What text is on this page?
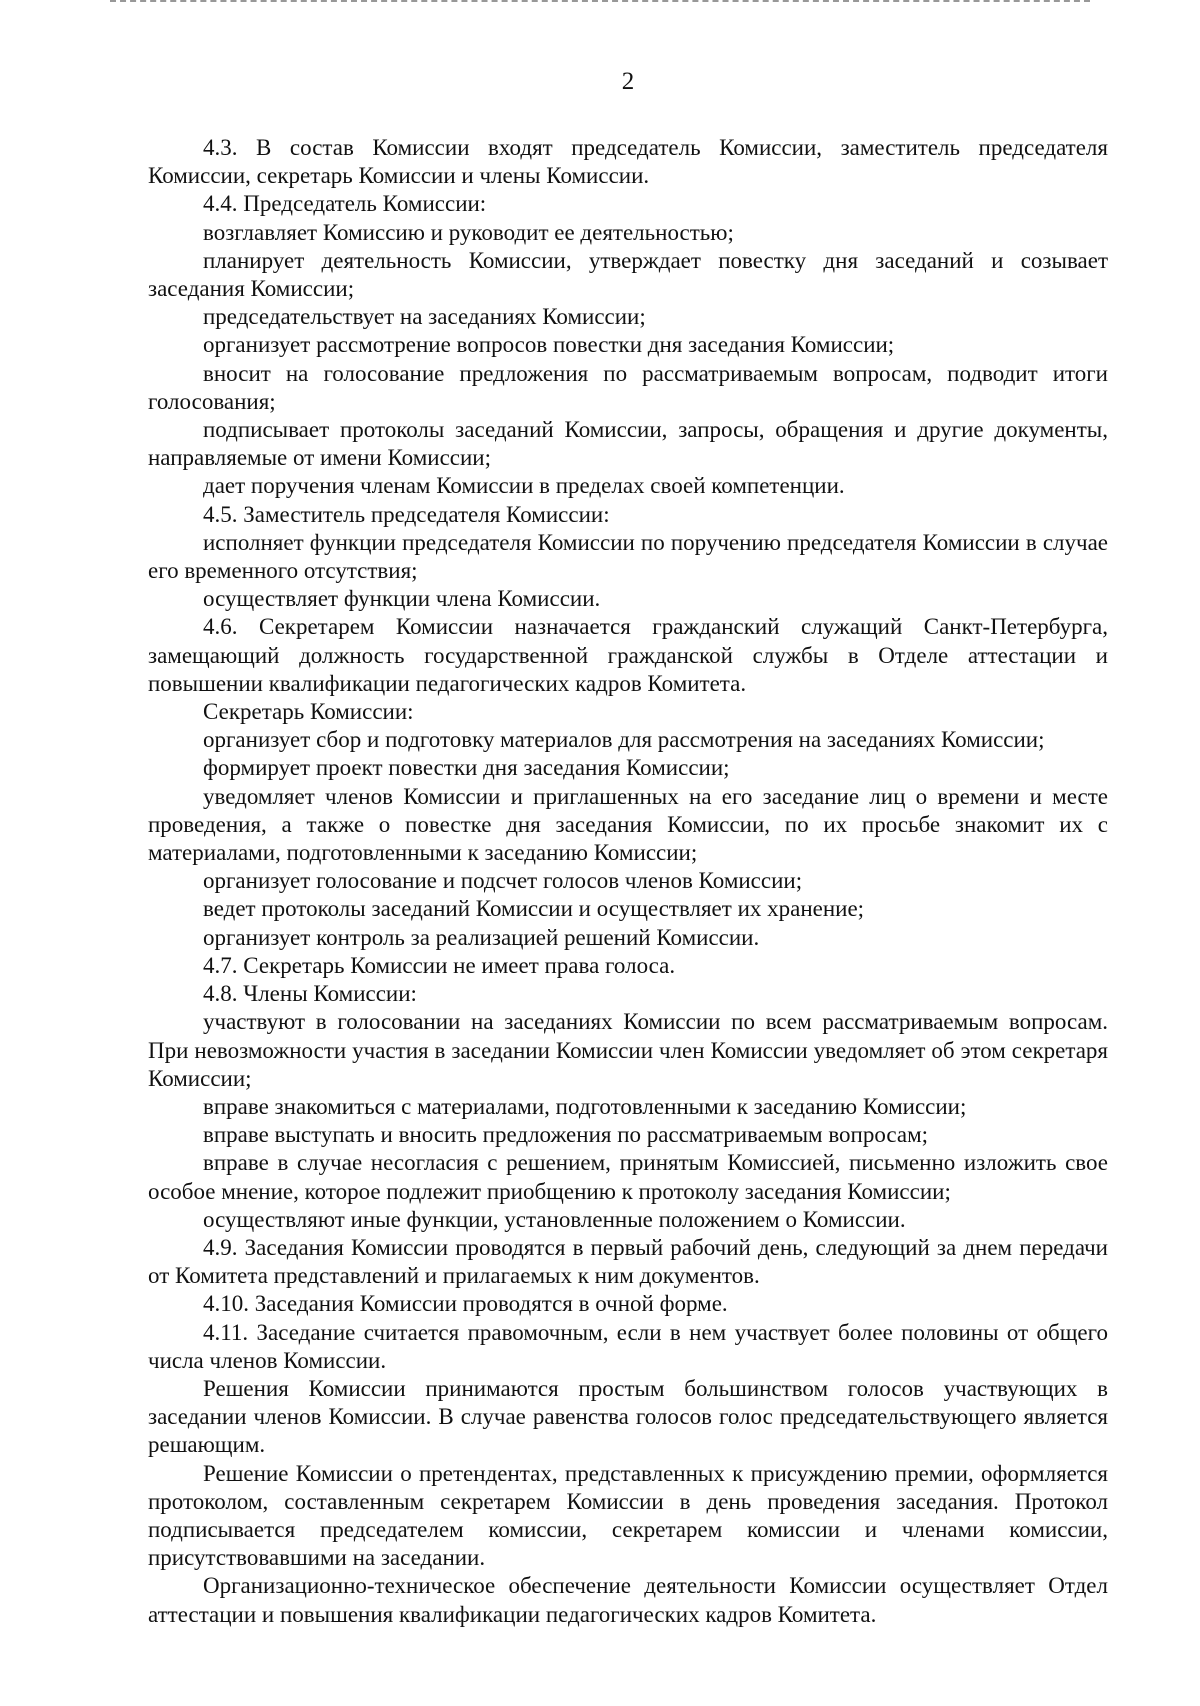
2

4.3. В состав Комиссии входят председатель Комиссии, заместитель председателя Комиссии, секретарь Комиссии и члены Комиссии.

4.4. Председатель Комиссии:

возглавляет Комиссию и руководит ее деятельностью;

планирует деятельность Комиссии, утверждает повестку дня заседаний и созывает заседания Комиссии;

председательствует на заседаниях Комиссии;

организует рассмотрение вопросов повестки дня заседания Комиссии;

вносит на голосование предложения по рассматриваемым вопросам, подводит итоги голосования;

подписывает протоколы заседаний Комиссии, запросы, обращения и другие документы, направляемые от имени Комиссии;

дает поручения членам Комиссии в пределах своей компетенции.

4.5. Заместитель председателя Комиссии:

исполняет функции председателя Комиссии по поручению председателя Комиссии в случае его временного отсутствия;

осуществляет функции члена Комиссии.

4.6. Секретарем Комиссии назначается гражданский служащий Санкт-Петербурга, замещающий должность государственной гражданской службы в Отделе аттестации и повышении квалификации педагогических кадров Комитета.

Секретарь Комиссии:

организует сбор и подготовку материалов для рассмотрения на заседаниях Комиссии;

формирует проект повестки дня заседания Комиссии;

уведомляет членов Комиссии и приглашенных на его заседание лиц о времени и месте проведения, а также о повестке дня заседания Комиссии, по их просьбе знакомит их с материалами, подготовленными к заседанию Комиссии;

организует голосование и подсчет голосов членов Комиссии;

ведет протоколы заседаний Комиссии и осуществляет их хранение;

организует контроль за реализацией решений Комиссии.

4.7. Секретарь Комиссии не имеет права голоса.

4.8. Члены Комиссии:

участвуют в голосовании на заседаниях Комиссии по всем рассматриваемым вопросам. При невозможности участия в заседании Комиссии член Комиссии уведомляет об этом секретаря Комиссии;

вправе знакомиться с материалами, подготовленными к заседанию Комиссии;

вправе выступать и вносить предложения по рассматриваемым вопросам;

вправе в случае несогласия с решением, принятым Комиссией, письменно изложить свое особое мнение, которое подлежит приобщению к протоколу заседания Комиссии;

осуществляют иные функции, установленные положением о Комиссии.

4.9. Заседания Комиссии проводятся в первый рабочий день, следующий за днем передачи от Комитета представлений и прилагаемых к ним документов.

4.10. Заседания Комиссии проводятся в очной форме.

4.11. Заседание считается правомочным, если в нем участвует более половины от общего числа членов Комиссии.

Решения Комиссии принимаются простым большинством голосов участвующих в заседании членов Комиссии. В случае равенства голосов голос председательствующего является решающим.

Решение Комиссии о претендентах, представленных к присуждению премии, оформляется протоколом, составленным секретарем Комиссии в день проведения заседания. Протокол подписывается председателем комиссии, секретарем комиссии и членами комиссии, присутствовавшими на заседании.

Организационно-техническое обеспечение деятельности Комиссии осуществляет Отдел аттестации и повышения квалификации педагогических кадров Комитета.
